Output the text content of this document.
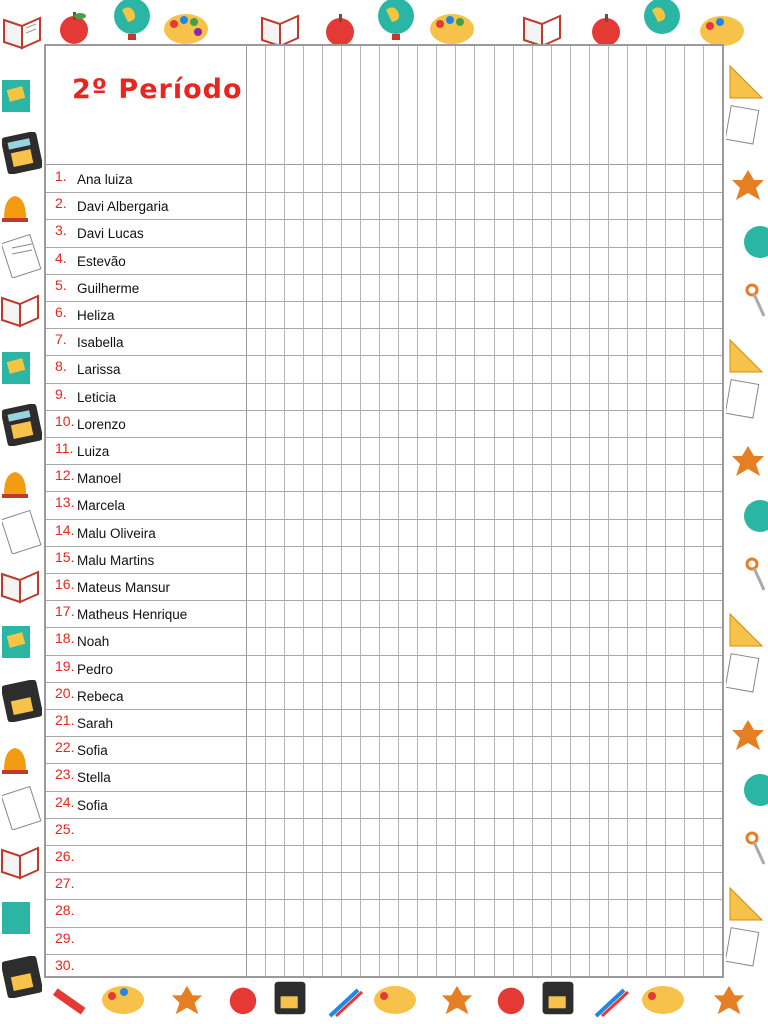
2º Período
1. Ana luiza
2. Davi Albergaria
3. Davi Lucas
4. Estevão
5. Guilherme
6. Heliza
7. Isabella
8. Larissa
9. Leticia
10. Lorenzo
11. Luiza
12. Manoel
13. Marcela
14. Malu Oliveira
15. Malu Martins
16. Mateus Mansur
17. Matheus Henrique
18. Noah
19. Pedro
20. Rebeca
21. Sarah
22. Sofia
23. Stella
24. Sofia
25.
26.
27.
28.
29.
30.
